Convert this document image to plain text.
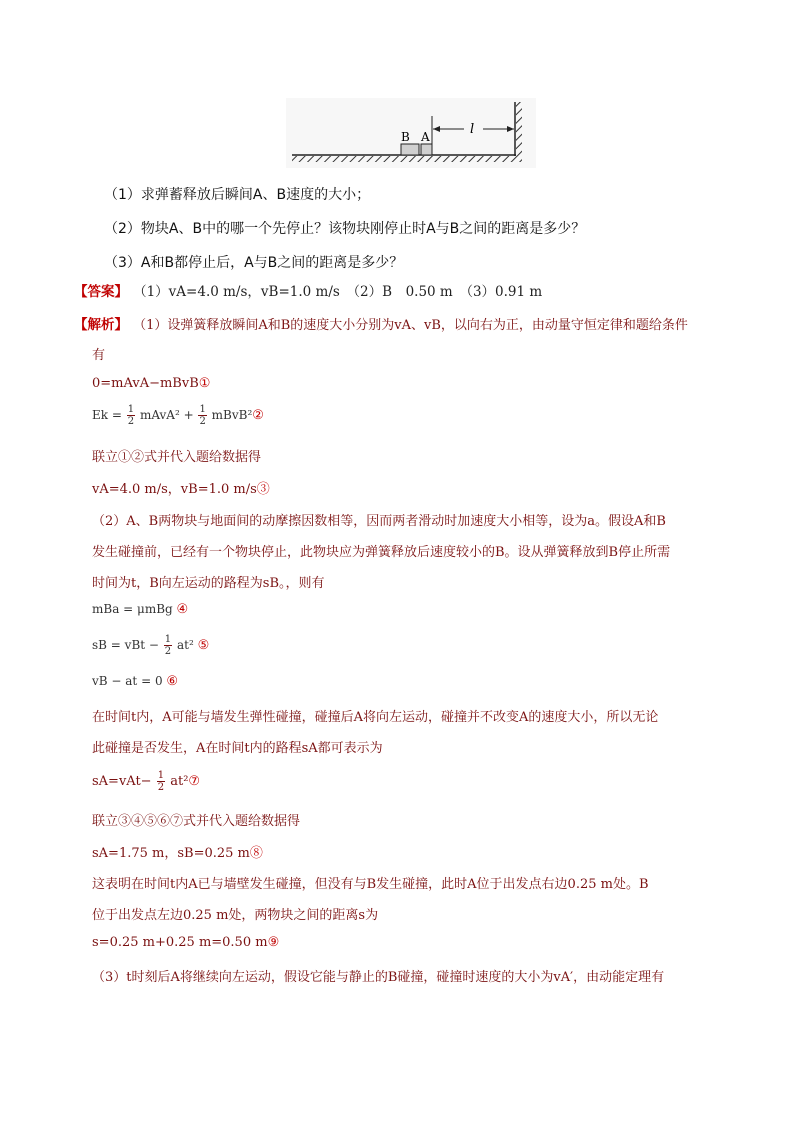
B A	l
（1）求弹蓄释放后瞬间A、B速度的大小；
（2）物块A、B中的哪一个先停止？该物块刚停止时A与B之间的距离是多少？
（3）A和B都停止后，A与B之间的距离是多少？
【答案】 （1）vA=4.0 m/s，vB=1.0 m/s　（2）B　0.50 m　（3）0.91 m
【解析】 （1）设弹簧释放瞬间A和B的速度大小分别为vA、vB，以向右为正，由动量守恒定律和题给条件
有
0=mAvA−mBvB①
$Ek = \frac{1}{2}$ mAvA² + $\frac{1}{2}$ mBvB²②
联立①②式并代入题给数据得
vA=4.0 m/s，vB=1.0 m/s③
（2）A、B两物块与地面间的动摩擦因数相等，因而两者滑动时加速度大小相等，设为a。假设A和B
发生碰撞前，已经有一个物块停止，此物块应为弹簧释放后速度较小的B。设从弹簧释放到B停止所需
时间为t，B向左运动的路程为sB。，则有
mBa = μmBg ④
sB = vBt − $\frac{1}{2} at^2$ ⑤
vB − at = 0 ⑥
在时间t内，A可能与墙发生弹性碰撞，碰撞后A将向左运动，碰撞并不改变A的速度大小，所以无论
此碰撞是否发生，A在时间t内的路程sA都可表示为
$sA=vAt- \frac{1}{2}$ at²⑦
联立③④⑤⑥⑦式并代入题给数据得
sA=1.75 m，sB=0.25 m⑧
这表明在时间t内A已与墙壁发生碰撞，但没有与B发生碰撞，此时A位于出发点右边0.25 m处。B
位于出发点左边0.25 m处，两物块之间的距离s为
s=0.25 m+0.25 m=0.50 m⑨
（3）t时刻后A将继续向左运动，假设它能与静止的B碰撞，碰撞时速度的大小为vA′，由动能定理有
